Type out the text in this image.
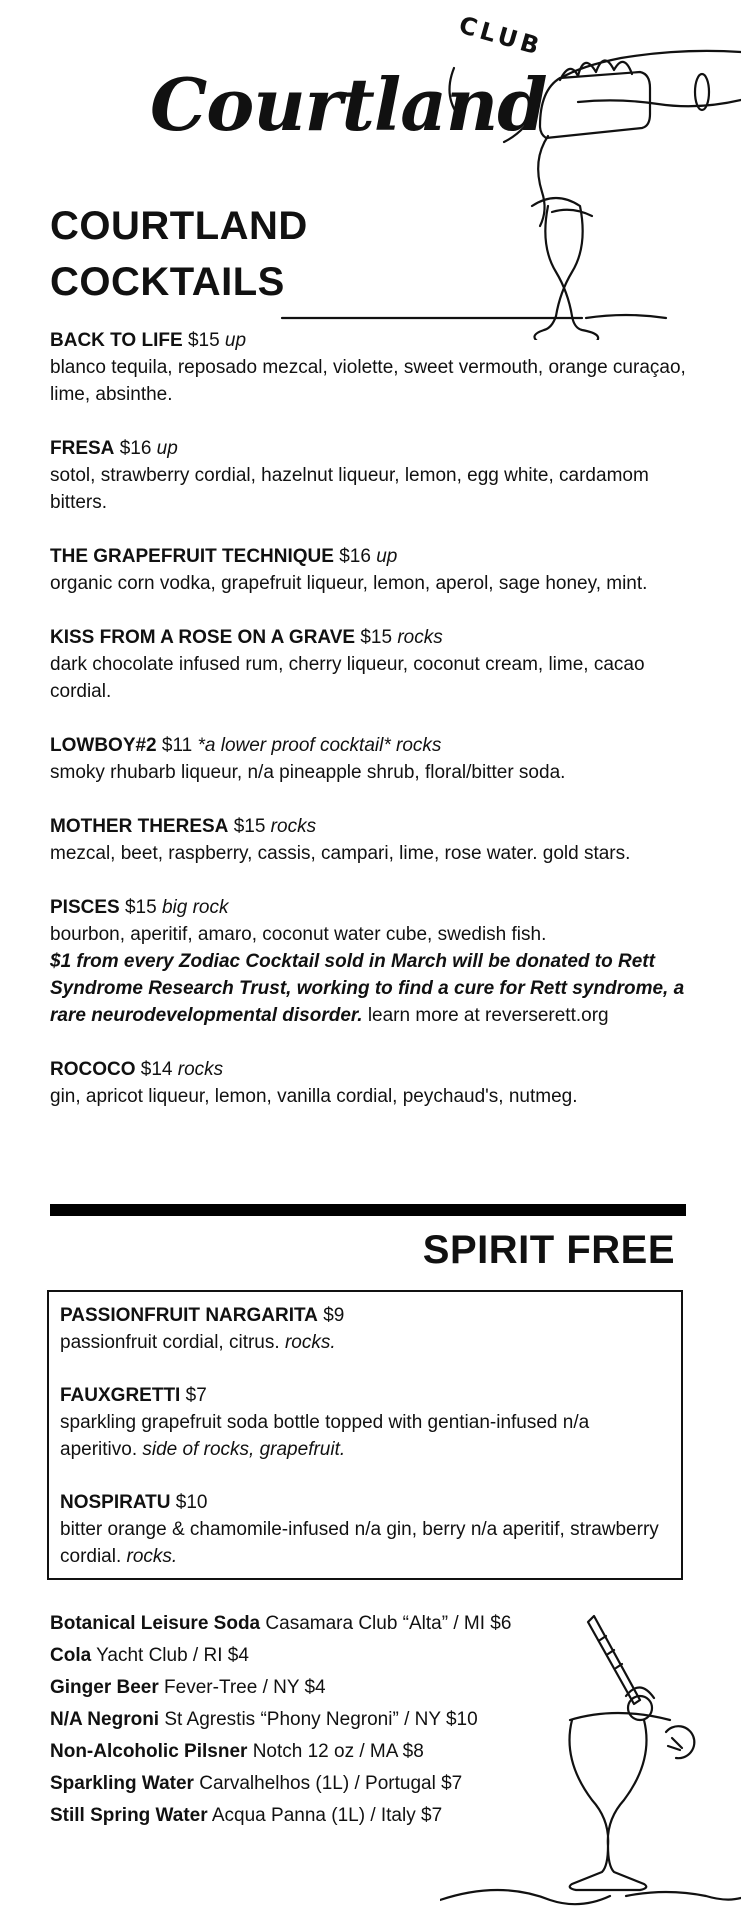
Courtland
CLUB
COURTLAND
COCKTAILS
BACK TO LIFE $15 up
blanco tequila, reposado mezcal, violette, sweet vermouth, orange curaçao, lime, absinthe.
FRESA $16 up
sotol, strawberry cordial, hazelnut liqueur, lemon, egg white, cardamom bitters.
THE GRAPEFRUIT TECHNIQUE $16 up
organic corn vodka, grapefruit liqueur, lemon, aperol, sage honey, mint.
KISS FROM A ROSE ON A GRAVE $15 rocks
dark chocolate infused rum, cherry liqueur, coconut cream, lime, cacao cordial.
LOWBOY#2 $11 *a lower proof cocktail* rocks
smoky rhubarb liqueur, n/a pineapple shrub, floral/bitter soda.
MOTHER THERESA $15 rocks
mezcal, beet, raspberry, cassis, campari, lime, rose water. gold stars.
PISCES $15 big rock
bourbon, aperitif, amaro, coconut water cube, swedish fish.
$1 from every Zodiac Cocktail sold in March will be donated to Rett Syndrome Research Trust, working to find a cure for Rett syndrome, a rare neurodevelopmental disorder. learn more at reverserett.org
ROCOCO $14 rocks
gin, apricot liqueur, lemon, vanilla cordial, peychaud's, nutmeg.
SPIRIT FREE
PASSIONFRUIT NARGARITA $9
passionfruit cordial, citrus. rocks.
FAUXGRETTI $7
sparkling grapefruit soda bottle topped with gentian-infused n/a aperitivo. side of rocks, grapefruit.
NOSPIRATU $10
bitter orange & chamomile-infused n/a gin, berry n/a aperitif, strawberry cordial. rocks.
Botanical Leisure Soda Casamara Club “Alta” / MI $6
Cola Yacht Club / RI $4
Ginger Beer Fever-Tree / NY $4
N/A Negroni St Agrestis “Phony Negroni” / NY $10
Non-Alcoholic Pilsner Notch 12 oz / MA $8
Sparkling Water Carvalhelhos (1L) / Portugal $7
Still Spring Water Acqua Panna (1L) / Italy $7
